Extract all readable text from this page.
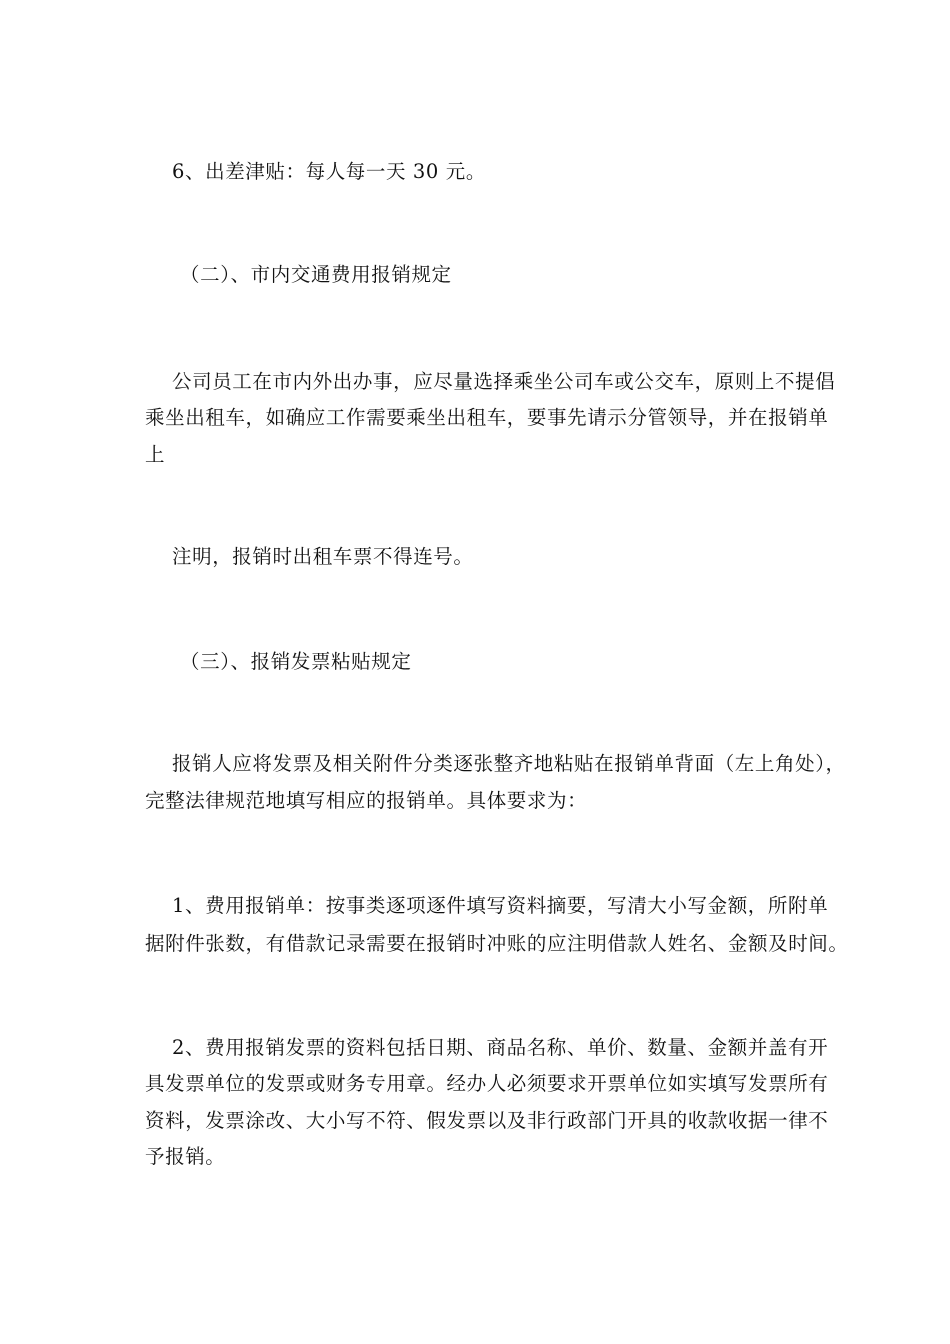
6、出差津贴：每人每一天 30 元。
（二）、市内交通费用报销规定
公司员工在市内外出办事，应尽量选择乘坐公司车或公交车，原则上不提倡
乘坐出租车，如确应工作需要乘坐出租车，要事先请示分管领导，并在报销单
上
注明，报销时出租车票不得连号。
（三）、报销发票粘贴规定
报销人应将发票及相关附件分类逐张整齐地粘贴在报销单背面（左上角处），
完整法律规范地填写相应的报销单。具体要求为：
1、费用报销单：按事类逐项逐件填写资料摘要，写清大小写金额，所附单
据附件张数，有借款记录需要在报销时冲账的应注明借款人姓名、金额及时间。
2、费用报销发票的资料包括日期、商品名称、单价、数量、金额并盖有开
具发票单位的发票或财务专用章。经办人必须要求开票单位如实填写发票所有
资料，发票涂改、大小写不符、假发票以及非行政部门开具的收款收据一律不
予报销。
